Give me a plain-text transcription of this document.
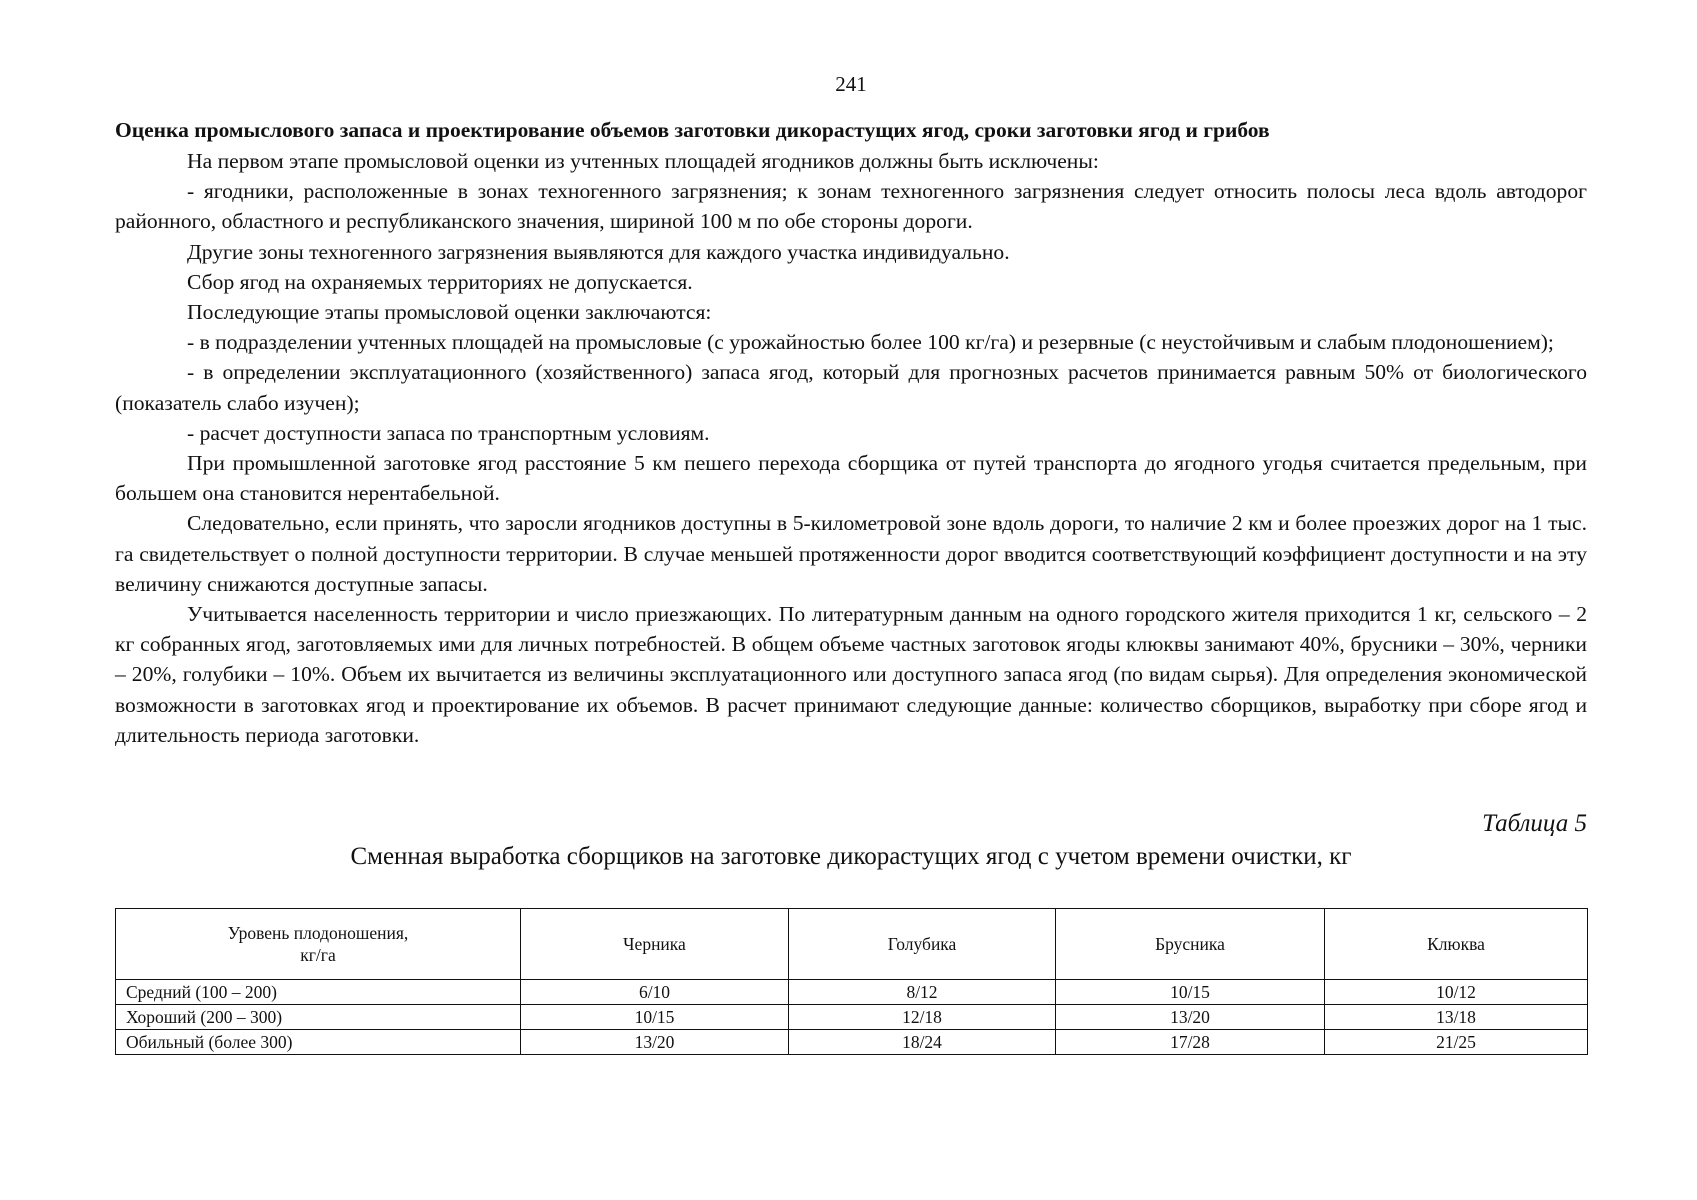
241
Оценка промыслового запаса и проектирование объемов заготовки дикорастущих ягод, сроки заготовки ягод и грибов

На первом этапе промысловой оценки из учтенных площадей ягодников должны быть исключены:

- ягодники, расположенные в зонах техногенного загрязнения; к зонам техногенного загрязнения следует относить полосы леса вдоль автодорог районного, областного и республиканского значения, шириной 100 м по обе стороны дороги.

Другие зоны техногенного загрязнения выявляются для каждого участка индивидуально.

Сбор ягод на охраняемых территориях не допускается.

Последующие этапы промысловой оценки заключаются:

- в подразделении учтенных площадей на промысловые (с урожайностью более 100 кг/га) и резервные (с неустойчивым и слабым плодоношением);

- в определении эксплуатационного (хозяйственного) запаса ягод, который для прогнозных расчетов принимается равным 50% от биологического (показатель слабо изучен);

- расчет доступности запаса по транспортным условиям.

При промышленной заготовке ягод расстояние 5 км пешего перехода сборщика от путей транспорта до ягодного угодья считается предельным, при большем она становится нерентабельной.

Следовательно, если принять, что заросли ягодников доступны в 5-километровой зоне вдоль дороги, то наличие 2 км и более проезжих дорог на 1 тыс. га свидетельствует о полной доступности территории. В случае меньшей протяженности дорог вводится соответствующий коэффициент доступности и на эту величину снижаются доступные запасы.

Учитывается населенность территории и число приезжающих. По литературным данным на одного городского жителя приходится 1 кг, сельского – 2 кг собранных ягод, заготовляемых ими для личных потребностей. В общем объеме частных заготовок ягоды клюквы занимают 40%, брусники – 30%, черники – 20%, голубики – 10%. Объем их вычитается из величины эксплуатационного или доступного запаса ягод (по видам сырья). Для определения экономической возможности в заготовках ягод и проектирование их объемов. В расчет принимают следующие данные: количество сборщиков, выработку при сборе ягод и длительность периода заготовки.

Таблица 5
Сменная выработка сборщиков на заготовке дикорастущих ягод с учетом времени очистки, кг
Уровень плодоношения,
кг/га	Черника	Голубика	Брусника	Клюква
Средний (100 – 200)	6/10	8/12	10/15	10/12
Хороший (200 – 300)	10/15	12/18	13/20	13/18
Обильный (более 300)	13/20	18/24	17/28	21/25
